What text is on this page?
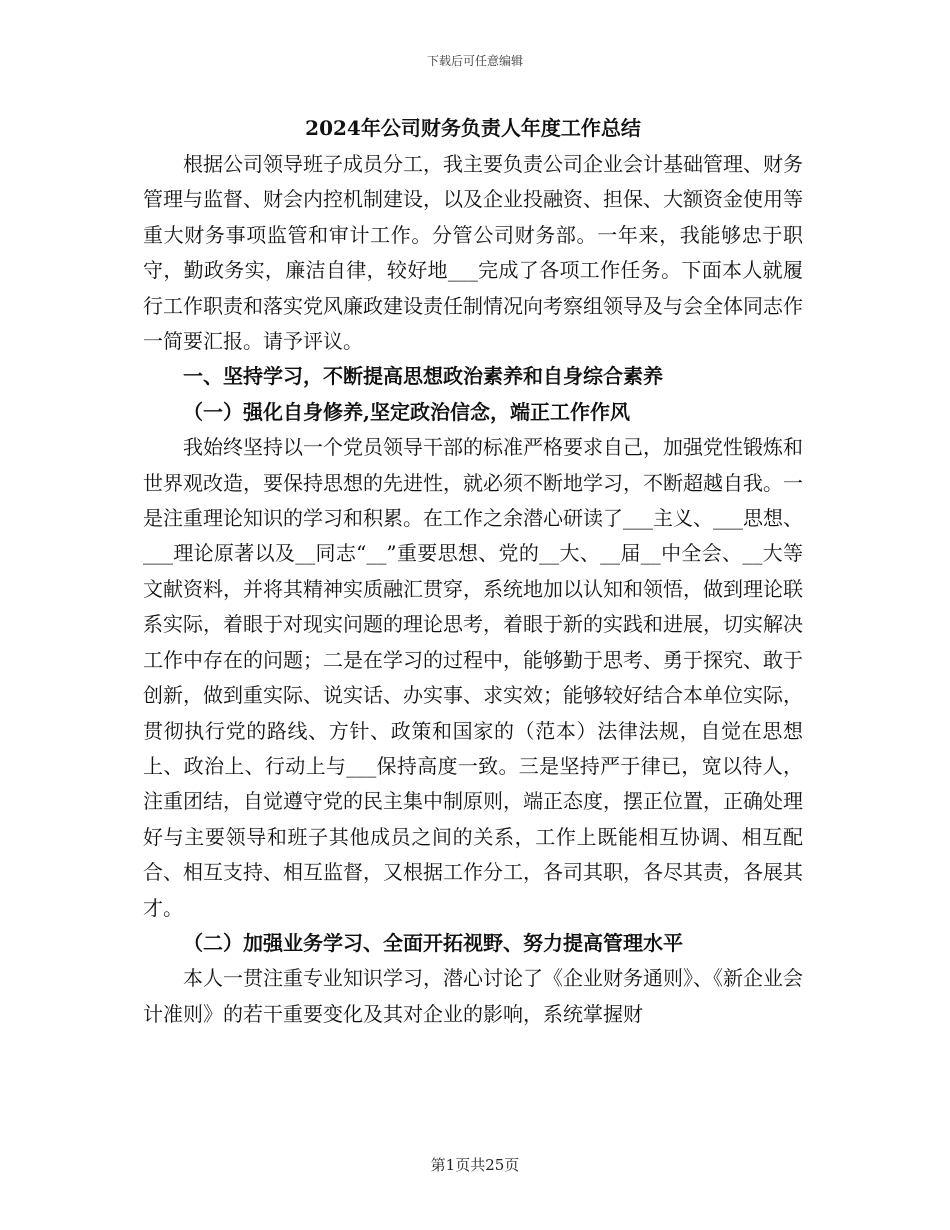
下载后可任意编辑

2024年公司财务负责人年度工作总结

根据公司领导班子成员分工，我主要负责公司企业会计基础管理、财务管理与监督、财会内控机制建设，以及企业投融资、担保、大额资金使用等重大财务事项监管和审计工作。分管公司财务部。一年来，我能够忠于职守，勤政务实，廉洁自律，较好地___完成了各项工作任务。下面本人就履行工作职责和落实党风廉政建设责任制情况向考察组领导及与会全体同志作一简要汇报。请予评议。

一、坚持学习，不断提高思想政治素养和自身综合素养

（一）强化自身修养,坚定政治信念，端正工作作风

我始终坚持以一个党员领导干部的标准严格要求自己，加强党性锻炼和世界观改造，要保持思想的先进性，就必须不断地学习，不断超越自我。一是注重理论知识的学习和积累。在工作之余潜心研读了___主义、___思想、___理论原著以及__同志“__”重要思想、党的__大、__届__中全会、__大等文献资料，并将其精神实质融汇贯穿，系统地加以认知和领悟，做到理论联系实际，着眼于对现实问题的理论思考，着眼于新的实践和进展，切实解决工作中存在的问题；二是在学习的过程中，能够勤于思考、勇于探究、敢于创新，做到重实际、说实话、办实事、求实效；能够较好结合本单位实际，贯彻执行党的路线、方针、政策和国家的（范本）法律法规，自觉在思想上、政治上、行动上与___保持高度一致。三是坚持严于律已，宽以待人，注重团结，自觉遵守党的民主集中制原则，端正态度，摆正位置，正确处理好与主要领导和班子其他成员之间的关系，工作上既能相互协调、相互配合、相互支持、相互监督，又根据工作分工，各司其职，各尽其责，各展其才。

（二）加强业务学习、全面开拓视野、努力提高管理水平

本人一贯注重专业知识学习，潜心讨论了《企业财务通则》、《新企业会计准则》的若干重要变化及其对企业的影响，系统掌握财

第1页共25页
